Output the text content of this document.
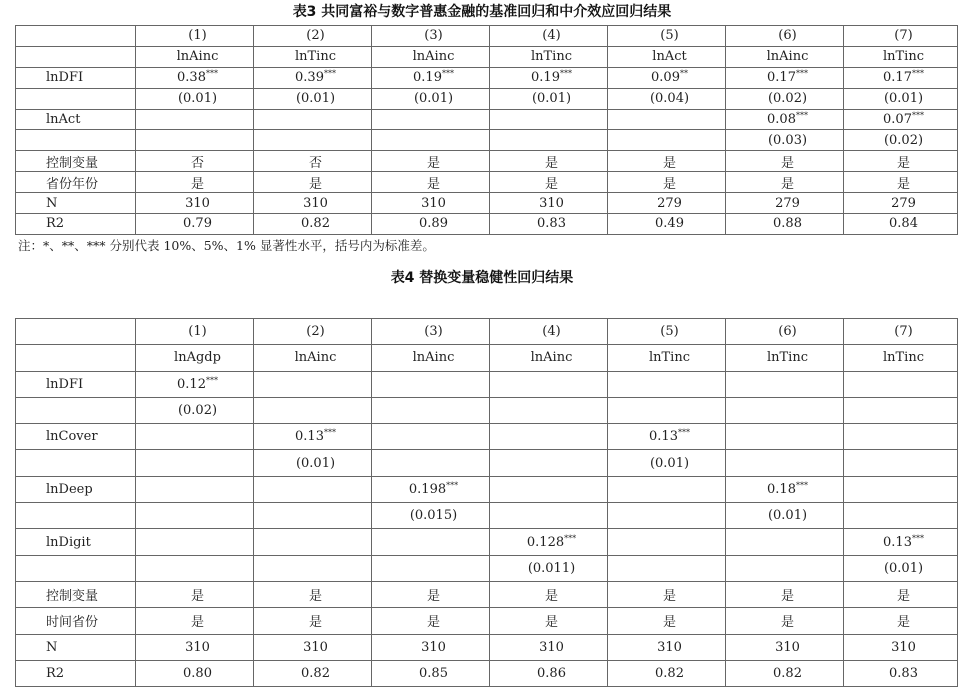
表3 共同富裕与数字普惠金融的基准回归和中介效应回归结果
	(1)	(2)	(3)	(4)	(5)	(6)	(7)
	lnAinc	lnTinc	lnAinc	lnTinc	lnAct	lnAinc	lnTinc
lnDFI	0.38***	0.39***	0.19***	0.19***	0.09**	0.17***	0.17***
	(0.01)	(0.01)	(0.01)	(0.01)	(0.04)	(0.02)	(0.01)
lnAct						0.08***	0.07***
						(0.03)	(0.02)
控制变量	否	否	是	是	是	是	是
省份年份	是	是	是	是	是	是	是
N	310	310	310	310	279	279	279
R2	0.79	0.82	0.89	0.83	0.49	0.88	0.84
注：*、**、*** 分别代表 10%、5%、1% 显著性水平，括号内为标准差。
表4 替换变量稳健性回归结果
	(1)	(2)	(3)	(4)	(5)	(6)	(7)
	lnAgdp	lnAinc	lnAinc	lnAinc	lnTinc	lnTinc	lnTinc
lnDFI	0.12***						
	(0.02)						
lnCover		0.13***			0.13***		
		(0.01)			(0.01)		
lnDeep			0.198***			0.18***	
			(0.015)			(0.01)	
lnDigit				0.128***			0.13***
				(0.011)			(0.01)
控制变量	是	是	是	是	是	是	是
时间省份	是	是	是	是	是	是	是
N	310	310	310	310	310	310	310
R2	0.80	0.82	0.85	0.86	0.82	0.82	0.83
